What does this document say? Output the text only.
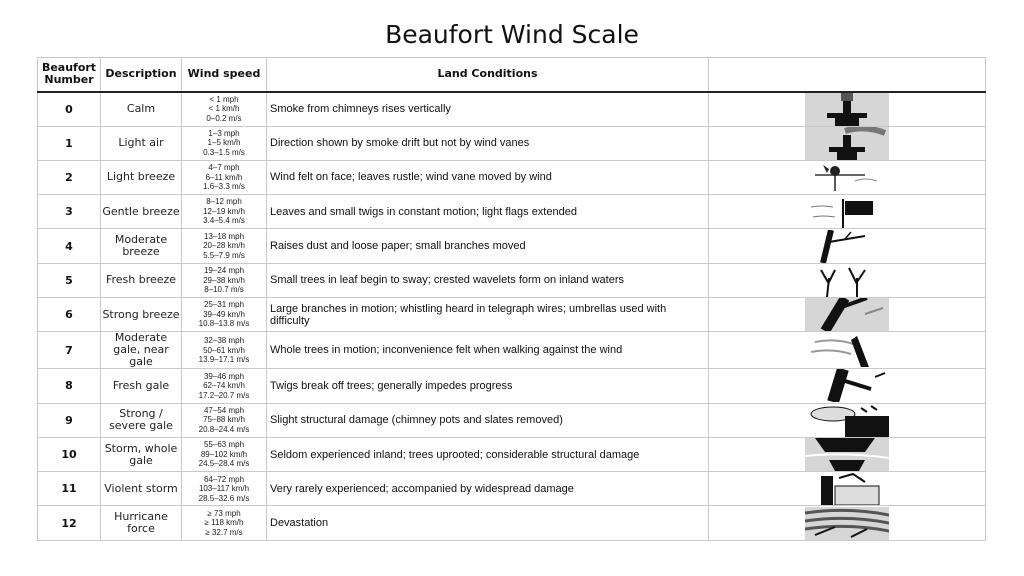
Beaufort Wind Scale
Beaufort Number	Description	Wind speed	Land Conditions	
0	Calm	< 1 mph
< 1 km/h
0–0.2 m/s	Smoke from chimneys rises vertically	

1	Light air	1–3 mph
1–5 km/h
0.3–1.5 m/s	Direction shown by smoke drift but not by wind vanes	

2	Light breeze	4–7 mph
6–11 km/h
1.6–3.3 m/s	Wind felt on face; leaves rustle; wind vane moved by wind	

3	Gentle breeze	8–12 mph
12–19 km/h
3.4–5.4 m/s	Leaves and small twigs in constant motion; light flags extended	

4	Moderate breeze	13–18 mph
20–28 km/h
5.5–7.9 m/s	Raises dust and loose paper; small branches moved	

5	Fresh breeze	19–24 mph
29–38 km/h
8–10.7 m/s	Small trees in leaf begin to sway; crested wavelets form on inland waters	

6	Strong breeze	25–31 mph
39–49 km/h
10.8–13.8 m/s	Large branches in motion; whistling heard in telegraph wires; umbrellas used with difficulty	

7	Moderate gale, near gale	32–38 mph
50–61 km/h
13.9–17.1 m/s	Whole trees in motion; inconvenience felt when walking against the wind	

8	Fresh gale	39–46 mph
62–74 km/h
17.2–20.7 m/s	Twigs break off trees; generally impedes progress	

9	Strong / severe gale	47–54 mph
75–88 km/h
20.8–24.4 m/s	Slight structural damage (chimney pots and slates removed)	

10	Storm, whole gale	55–63 mph
89–102 km/h
24.5–28.4 m/s	Seldom experienced inland; trees uprooted; considerable structural damage	

11	Violent storm	64–72 mph
103–117 km/h
28.5–32.6 m/s	Very rarely experienced; accompanied by widespread damage	

12	Hurricane force	≥ 73 mph
≥ 118 km/h
≥ 32.7 m/s	Devastation	
